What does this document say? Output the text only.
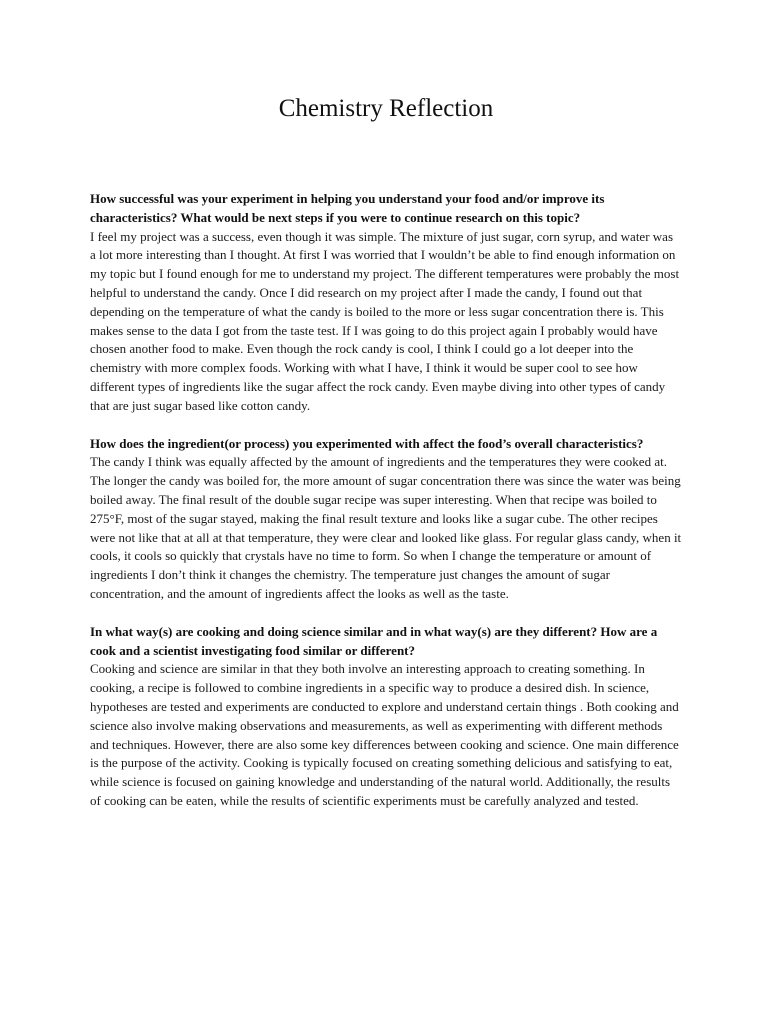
Chemistry Reflection

How successful was your experiment in helping you understand your food and/or improve its characteristics? What would be next steps if you were to continue research on this topic?

I feel my project was a success, even though it was simple. The mixture of just sugar, corn syrup, and water was a lot more interesting than I thought. At first I was worried that I wouldn’t be able to find enough information on my topic but I found enough for me to understand my project. The different temperatures were probably the most helpful to understand the candy. Once I did research on my project after I made the candy, I found out that depending on the temperature of what the candy is boiled to the more or less sugar concentration there is. This makes sense to the data I got from the taste test. If I was going to do this project again I probably would have chosen another food to make. Even though the rock candy is cool, I think I could go a lot deeper into the chemistry with more complex foods. Working with what I have, I think it would be super cool to see how different types of ingredients like the sugar affect the rock candy. Even maybe diving into other types of candy that are just sugar based like cotton candy.

How does the ingredient(or process) you experimented with affect the food’s overall characteristics?

The candy I think was equally affected by the amount of ingredients and the temperatures they were cooked at. The longer the candy was boiled for, the more amount of sugar concentration there was since the water was being boiled away. The final result of the double sugar recipe was super interesting. When that recipe was boiled to 275°F, most of the sugar stayed, making the final result texture and looks like a sugar cube. The other recipes were not like that at all at that temperature, they were clear and looked like glass. For regular glass candy, when it cools, it cools so quickly that crystals have no time to form. So when I change the temperature or amount of ingredients I don’t think it changes the chemistry. The temperature just changes the amount of sugar concentration, and the amount of ingredients affect the looks as well as the taste.

In what way(s) are cooking and doing science similar and in what way(s) are they different? How are a cook and a scientist investigating food similar or different?

Cooking and science are similar in that they both involve an interesting approach to creating something. In cooking, a recipe is followed to combine ingredients in a specific way to produce a desired dish. In science, hypotheses are tested and experiments are conducted to explore and understand certain things . Both cooking and science also involve making observations and measurements, as well as experimenting with different methods and techniques. However, there are also some key differences between cooking and science. One main difference is the purpose of the activity. Cooking is typically focused on creating something delicious and satisfying to eat, while science is focused on gaining knowledge and understanding of the natural world. Additionally, the results of cooking can be eaten, while the results of scientific experiments must be carefully analyzed and tested.
